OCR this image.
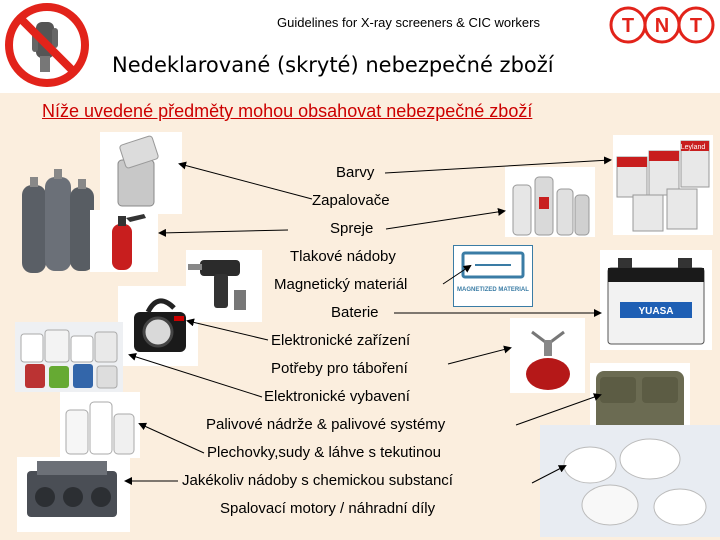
Guidelines for X-ray screeners & CIC workers	T N T
Nedeklarované (skryté) nebezpečné zboží
Níže uvedené předměty mohou obsahovat nebezpečné zboží
Leyland
MAGNETIZED MATERIAL
YUASA
Barvy
Zapalovače
Spreje
Tlakové nádoby
Magnetický materiál
Baterie
Elektronické zařízení
Potřeby pro táboření
Elektronické vybavení
Palivové nádrže & palivové systémy
Plechovky,sudy & láhve s tekutinou
Jakékoliv nádoby s chemickou substancí
Spalovací motory / náhradní díly
